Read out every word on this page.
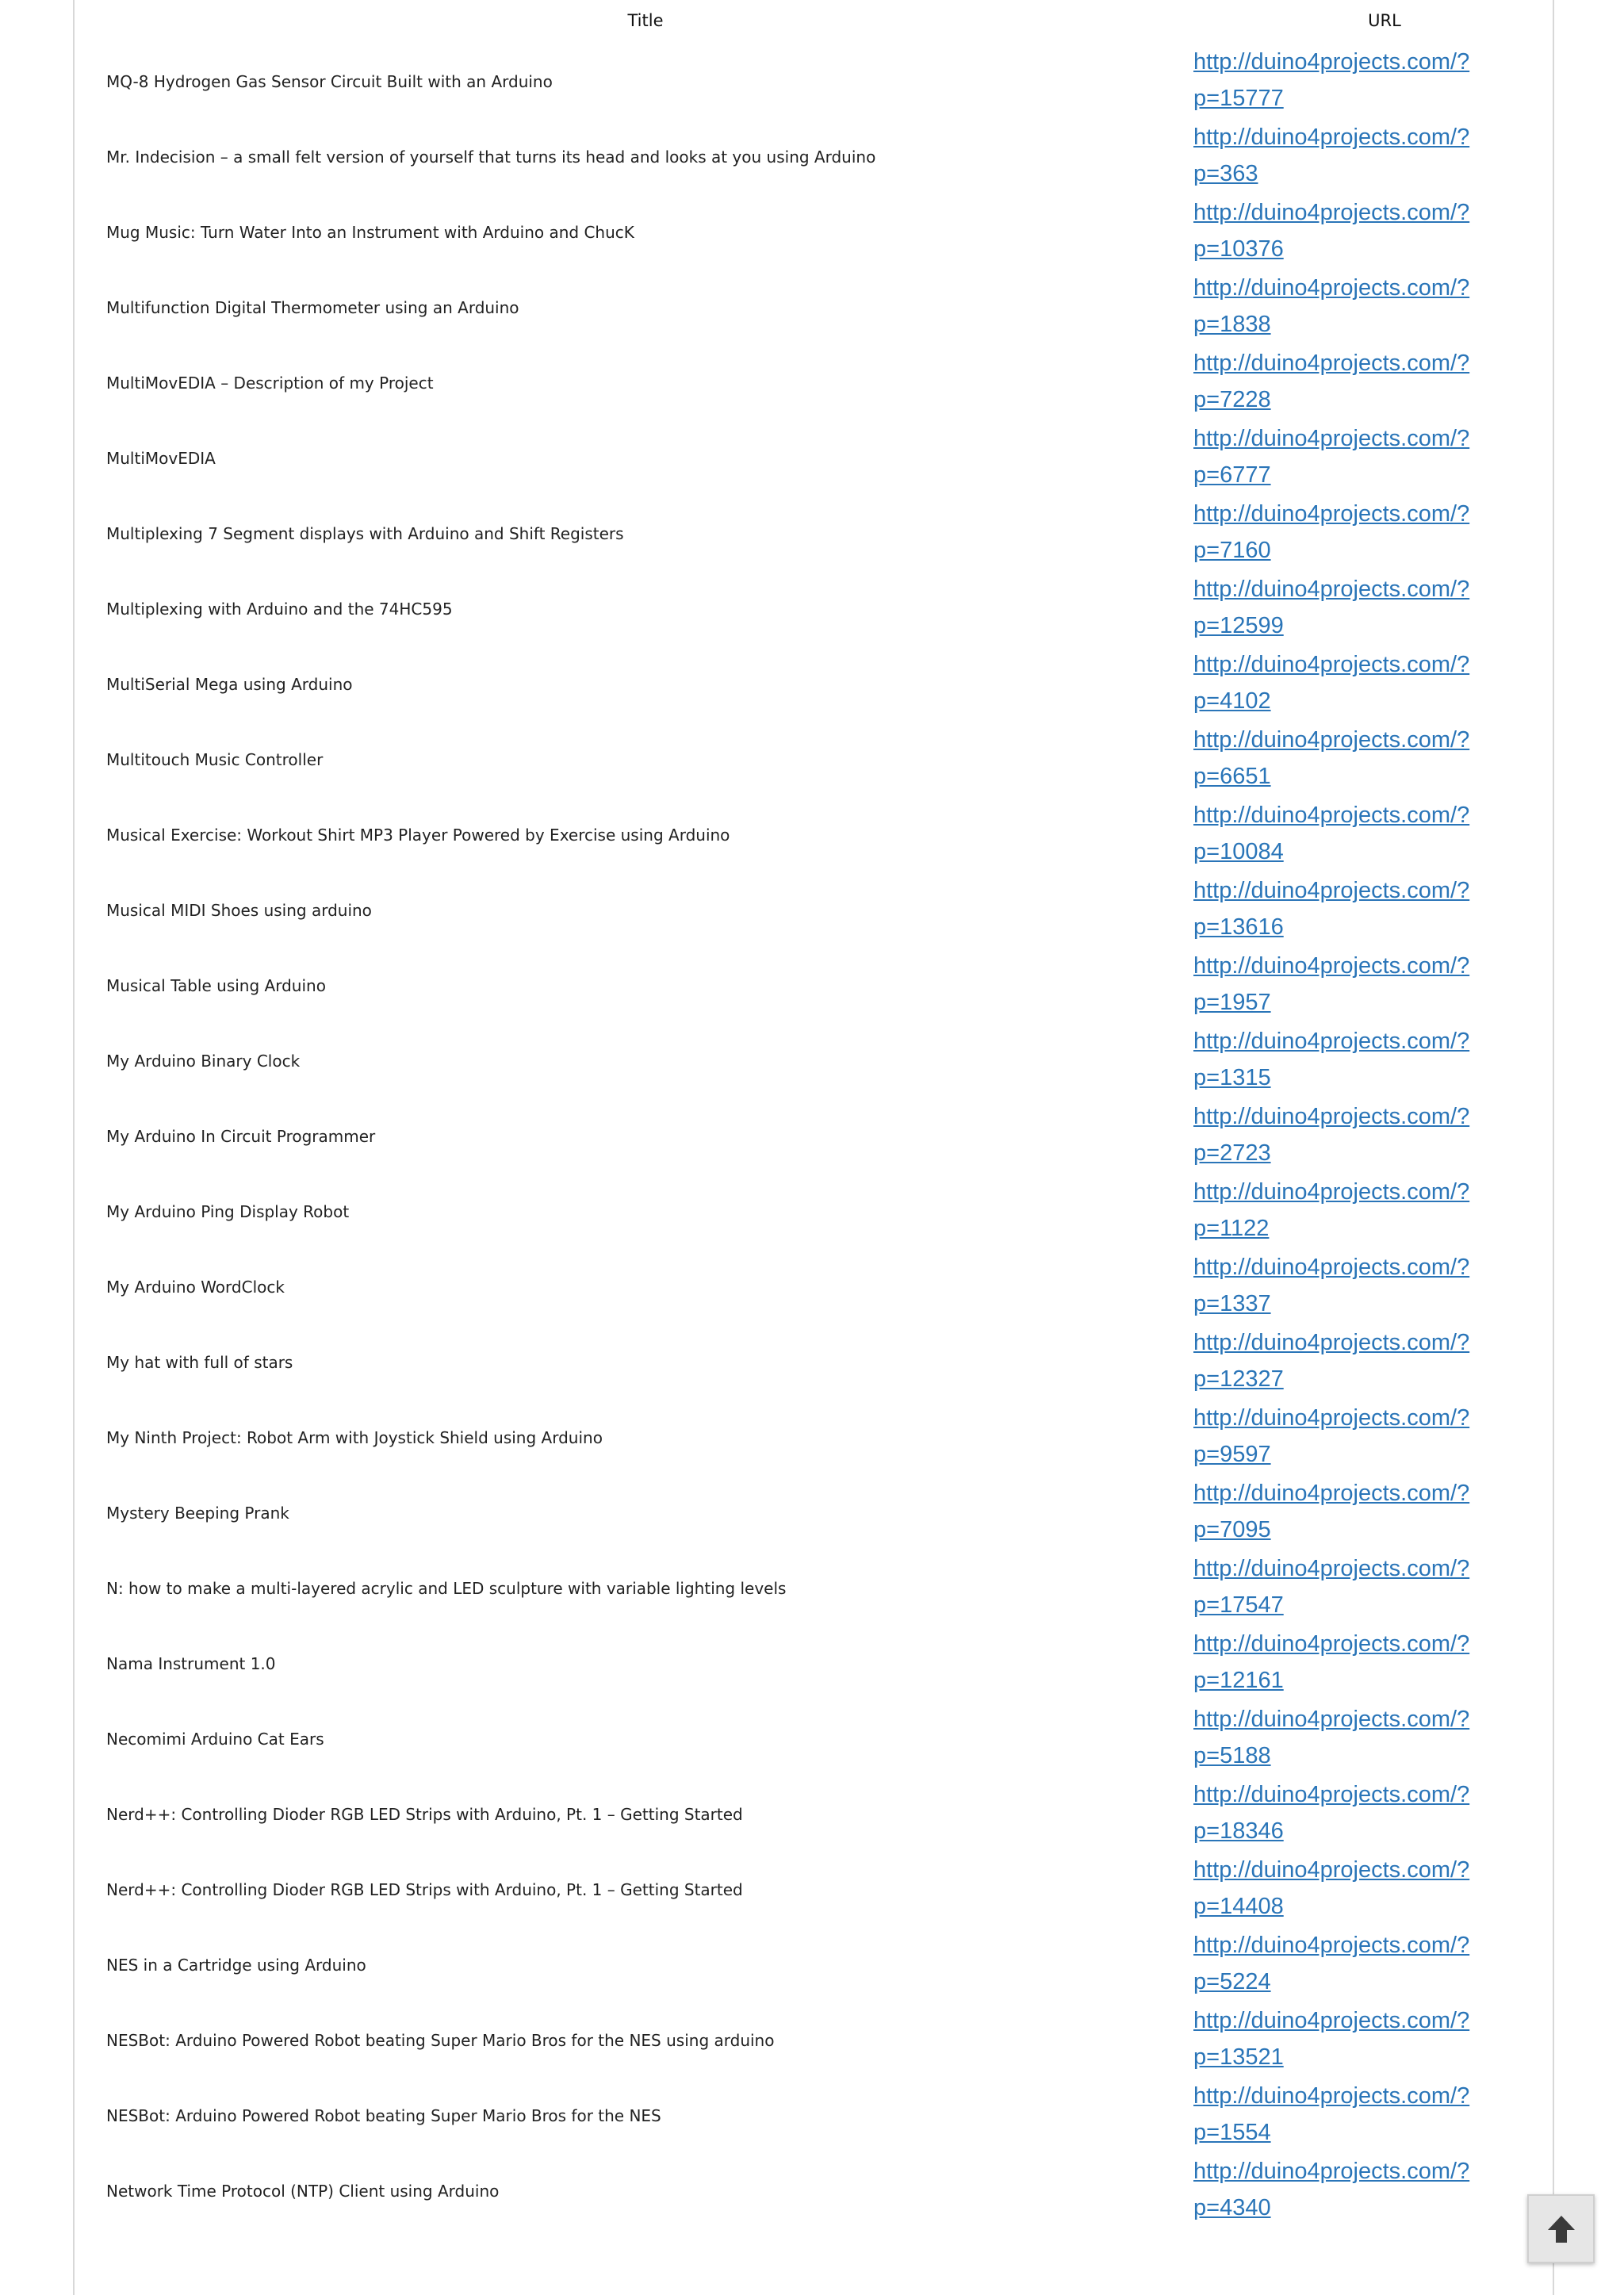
Title	URL
MQ-8 Hydrogen Gas Sensor Circuit Built with an Arduino
http://duino4projects.com/?p=15777
Mr. Indecision – a small felt version of yourself that turns its head and looks at you using Arduino
http://duino4projects.com/?p=363
Mug Music: Turn Water Into an Instrument with Arduino and ChucK
http://duino4projects.com/?p=10376
Multifunction Digital Thermometer using an Arduino
http://duino4projects.com/?p=1838
MultiMovEDIA – Description of my Project
http://duino4projects.com/?p=7228
MultiMovEDIA
http://duino4projects.com/?p=6777
Multiplexing 7 Segment displays with Arduino and Shift Registers
http://duino4projects.com/?p=7160
Multiplexing with Arduino and the 74HC595
http://duino4projects.com/?p=12599
MultiSerial Mega using Arduino
http://duino4projects.com/?p=4102
Multitouch Music Controller
http://duino4projects.com/?p=6651
Musical Exercise: Workout Shirt MP3 Player Powered by Exercise using Arduino
http://duino4projects.com/?p=10084
Musical MIDI Shoes using arduino
http://duino4projects.com/?p=13616
Musical Table using Arduino
http://duino4projects.com/?p=1957
My Arduino Binary Clock
http://duino4projects.com/?p=1315
My Arduino In Circuit Programmer
http://duino4projects.com/?p=2723
My Arduino Ping Display Robot
http://duino4projects.com/?p=1122
My Arduino WordClock
http://duino4projects.com/?p=1337
My hat with full of stars
http://duino4projects.com/?p=12327
My Ninth Project: Robot Arm with Joystick Shield using Arduino
http://duino4projects.com/?p=9597
Mystery Beeping Prank
http://duino4projects.com/?p=7095
N: how to make a multi-layered acrylic and LED sculpture with variable lighting levels
http://duino4projects.com/?p=17547
Nama Instrument 1.0
http://duino4projects.com/?p=12161
Necomimi Arduino Cat Ears
http://duino4projects.com/?p=5188
Nerd++: Controlling Dioder RGB LED Strips with Arduino, Pt. 1 – Getting Started
http://duino4projects.com/?p=18346
Nerd++: Controlling Dioder RGB LED Strips with Arduino, Pt. 1 – Getting Started
http://duino4projects.com/?p=14408
NES in a Cartridge using Arduino
http://duino4projects.com/?p=5224
NESBot: Arduino Powered Robot beating Super Mario Bros for the NES using arduino
http://duino4projects.com/?p=13521
NESBot: Arduino Powered Robot beating Super Mario Bros for the NES
http://duino4projects.com/?p=1554
Network Time Protocol (NTP) Client using Arduino
http://duino4projects.com/?p=4340
